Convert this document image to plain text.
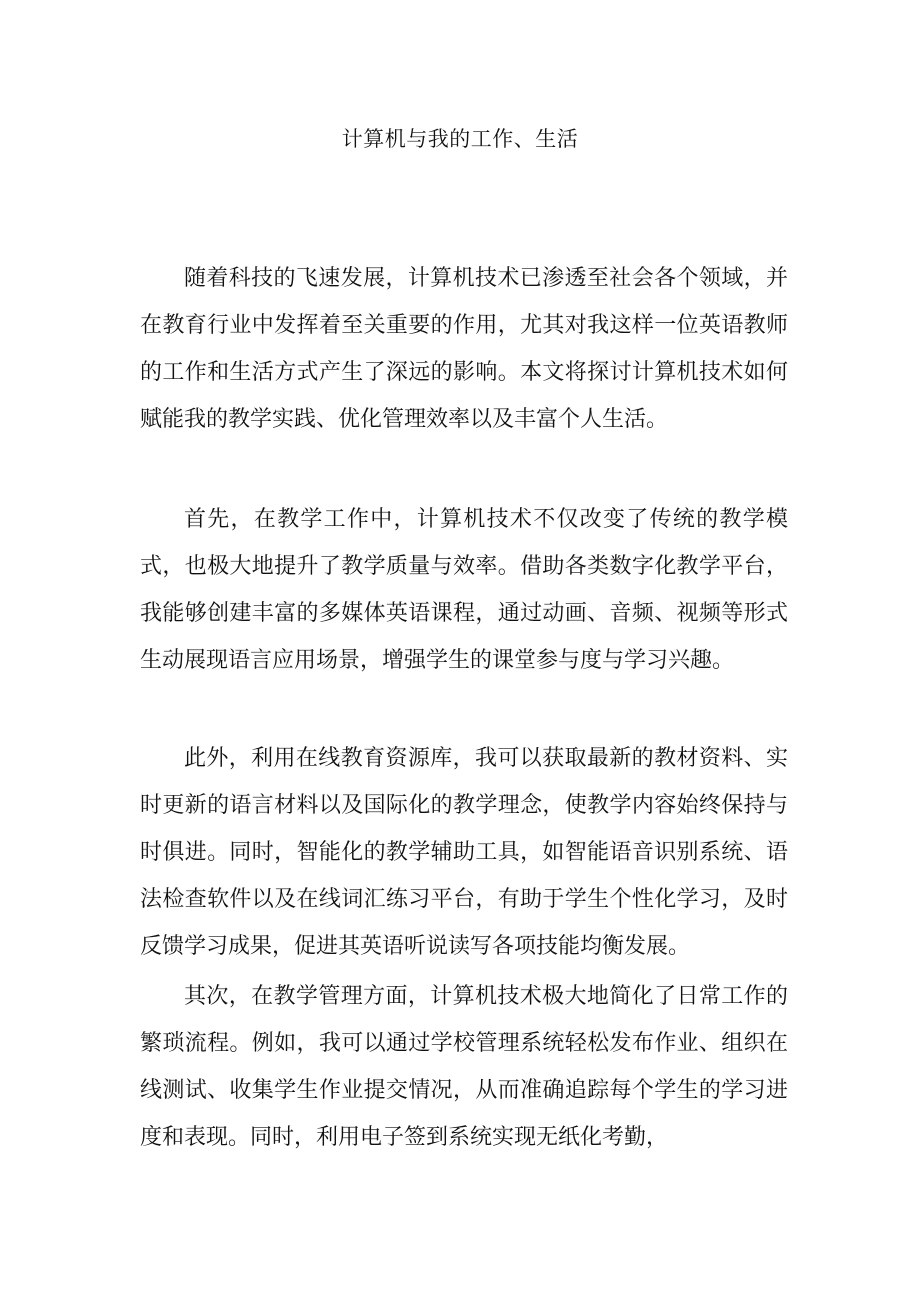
计算机与我的工作、生活

随着科技的飞速发展，计算机技术已渗透至社会各个领域，并在教育行业中发挥着至关重要的作用，尤其对我这样一位英语教师的工作和生活方式产生了深远的影响。本文将探讨计算机技术如何赋能我的教学实践、优化管理效率以及丰富个人生活。

首先，在教学工作中，计算机技术不仅改变了传统的教学模式，也极大地提升了教学质量与效率。借助各类数字化教学平台，我能够创建丰富的多媒体英语课程，通过动画、音频、视频等形式生动展现语言应用场景，增强学生的课堂参与度与学习兴趣。

此外，利用在线教育资源库，我可以获取最新的教材资料、实时更新的语言材料以及国际化的教学理念，使教学内容始终保持与时俱进。同时，智能化的教学辅助工具，如智能语音识别系统、语法检查软件以及在线词汇练习平台，有助于学生个性化学习，及时反馈学习成果，促进其英语听说读写各项技能均衡发展。

其次，在教学管理方面，计算机技术极大地简化了日常工作的繁琐流程。例如，我可以通过学校管理系统轻松发布作业、组织在线测试、收集学生作业提交情况，从而准确追踪每个学生的学习进度和表现。同时，利用电子签到系统实现无纸化考勤，
